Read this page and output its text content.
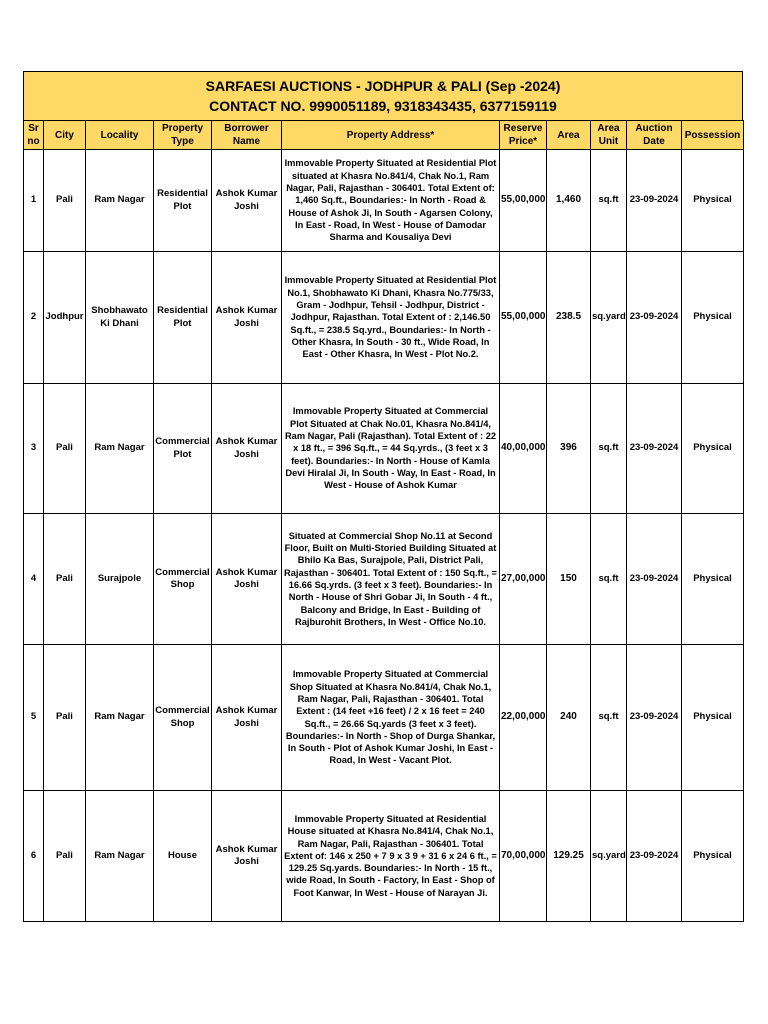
SARFAESI AUCTIONS - JODHPUR & PALI (Sep -2024)
CONTACT NO. 9990051189, 9318343435, 6377159119
Sr no	City	Locality	Property Type	Borrower Name	Property Address*	Reserve Price*	Area	Area Unit	Auction Date	Possession
1	Pali	Ram Nagar	Residential Plot	Ashok Kumar Joshi	Immovable Property Situated at Residential Plot situated at Khasra No.841/4, Chak No.1, Ram Nagar, Pali, Rajasthan - 306401. Total Extent of: 1,460 Sq.ft., Boundaries:- In North - Road & House of Ashok Ji, In South - Agarsen Colony, In East - Road, In West - House of Damodar Sharma and Kousaliya Devi	55,00,000	1,460	sq.ft	23-09-2024	Physical
2	Jodhpur	Shobhawato Ki Dhani	Residential Plot	Ashok Kumar Joshi	Immovable Property Situated at Residential Plot No.1, Shobhawato Ki Dhani, Khasra No.775/33, Gram - Jodhpur, Tehsil - Jodhpur, District - Jodhpur, Rajasthan. Total Extent of : 2,146.50 Sq.ft., = 238.5 Sq.yrd., Boundaries:- In North - Other Khasra, In South - 30 ft., Wide Road, In East - Other Khasra, In West - Plot No.2.	55,00,000	238.5	sq.yard	23-09-2024	Physical
3	Pali	Ram Nagar	Commercial Plot	Ashok Kumar Joshi	Immovable Property Situated at Commercial Plot Situated at Chak No.01, Khasra No.841/4, Ram Nagar, Pali (Rajasthan). Total Extent of : 22 x 18 ft., = 396 Sq.ft., = 44 Sq.yrds., (3 feet x 3 feet). Boundaries:- In North - House of Kamla Devi Hiralal Ji, In South - Way, In East - Road, In West - House of Ashok Kumar	40,00,000	396	sq.ft	23-09-2024	Physical
4	Pali	Surajpole	Commercial Shop	Ashok Kumar Joshi	Situated at Commercial Shop No.11 at Second Floor, Built on Multi-Storied Building Situated at Bhilo Ka Bas, Surajpole, Pali, District Pali, Rajasthan - 306401. Total Extent of : 150 Sq.ft., = 16.66 Sq.yrds. (3 feet x 3 feet). Boundaries:- In North - House of Shri Gobar Ji, In South - 4 ft., Balcony and Bridge, In East - Building of Rajburohit Brothers, In West - Office No.10.	27,00,000	150	sq.ft	23-09-2024	Physical
5	Pali	Ram Nagar	Commercial Shop	Ashok Kumar Joshi	Immovable Property Situated at Commercial Shop Situated at Khasra No.841/4, Chak No.1, Ram Nagar, Pali, Rajasthan - 306401. Total Extent : (14 feet +16 feet) / 2 x 16 feet = 240 Sq.ft., = 26.66 Sq.yards (3 feet x 3 feet). Boundaries:- In North - Shop of Durga Shankar, In South - Plot of Ashok Kumar Joshi, In East - Road, In West - Vacant Plot.	22,00,000	240	sq.ft	23-09-2024	Physical
6	Pali	Ram Nagar	House	Ashok Kumar Joshi	Immovable Property Situated at Residential House situated at Khasra No.841/4, Chak No.1, Ram Nagar, Pali, Rajasthan - 306401. Total Extent of: 146 x 250 + 7 9 x 3 9 + 31 6 x 24 6 ft., = 129.25 Sq.yards. Boundaries:- In North - 15 ft., wide Road, In South - Factory, In East - Shop of Foot Kanwar, In West - House of Narayan Ji.	70,00,000	129.25	sq.yard	23-09-2024	Physical
